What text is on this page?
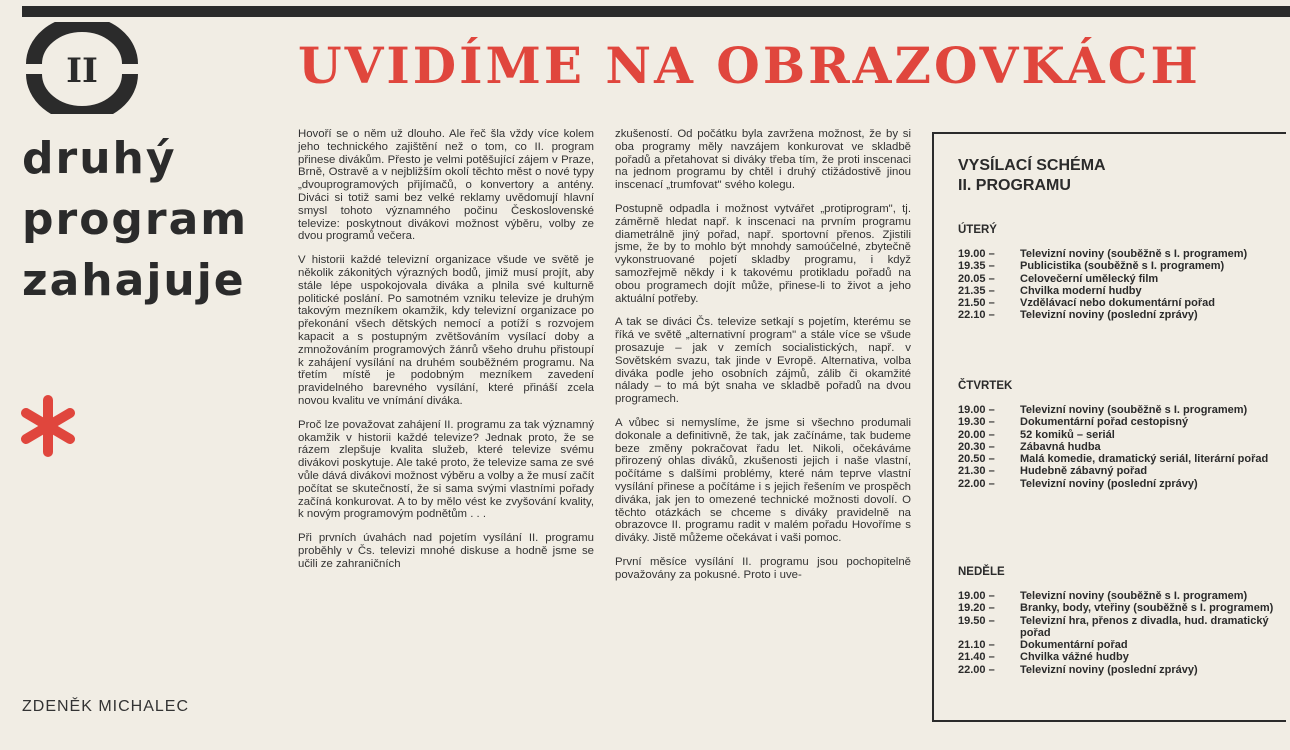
II	UVIDÍME NA OBRAZOVKÁCH
druhý
program
zahajuje
ZDENĚK MICHALEC

Hovoří se o něm už dlouho. Ale řeč šla vždy více kolem jeho technického zajištění než o tom, co II. program přinese divákům. Přesto je velmi potěšující zájem v Praze, Brně, Ostravě a v nejbližším okolí těchto měst o nové typy „dvouprogramových přijímačů, o konvertory a antény. Diváci si totiž sami bez velké reklamy uvědomují hlavní smysl tohoto významného počinu Československé televize: poskytnout divákovi možnost výběru, volby ze dvou programů večera.

V historii každé televizní organizace všude ve světě je několik zákonitých výrazných bodů, jimiž musí projít, aby stále lépe uspokojovala diváka a plnila své kulturně politické poslání. Po samotném vzniku televize je druhým takovým mezníkem okamžik, kdy televizní organizace po překonání všech dětských nemocí a potíží s rozvojem kapacit a s postupným zvětšováním vysílací doby a zmnožováním programových žánrů všeho druhu přistoupí k zahájení vysílání na druhém souběžném programu. Na třetím místě je podobným mezníkem zavedení pravidelného barevného vysílání, které přináší zcela novou kvalitu ve vnímání diváka.

Proč lze považovat zahájení II. programu za tak významný okamžik v historii každé televize? Jednak proto, že se rázem zlepšuje kvalita služeb, které televize svému divákovi poskytuje. Ale také proto, že televize sama ze své vůle dává divákovi možnost výběru a volby a že musí začít počítat se skutečností, že si sama svými vlastními pořady začíná konkurovat. A to by mělo vést ke zvyšování kvality, k novým programovým podnětům . . .

Při prvních úvahách nad pojetím vysílání II. programu proběhly v Čs. televizi mnohé diskuse a hodně jsme se učili ze zahraničních

zkušeností. Od počátku byla zavržena možnost, že by si oba programy měly navzájem konkurovat ve skladbě pořadů a přetahovat si diváky třeba tím, že proti inscenaci na jednom programu by chtěl i druhý ctižádostivě jinou inscenací „trumfovat" svého kolegu.

Postupně odpadla i možnost vytvářet „protiprogram", tj. záměrně hledat např. k inscenaci na prvním programu diametrálně jiný pořad, např. sportovní přenos. Zjistili jsme, že by to mohlo být mnohdy samoúčelné, zbytečně vykonstruované pojetí skladby programu, i když samozřejmě někdy i k takovému protikladu pořadů na obou programech dojít může, přinese-li to život a jeho aktuální potřeby.

A tak se diváci Čs. televize setkají s pojetím, kterému se říká ve světě „alternativní program" a stále více se všude prosazuje – jak v zemích socialistických, např. v Sovětském svazu, tak jinde v Evropě. Alternativa, volba diváka podle jeho osobních zájmů, zálib či okamžité nálady – to má být snaha ve skladbě pořadů na dvou programech.

A vůbec si nemyslíme, že jsme si všechno produmali dokonale a definitivně, že tak, jak začínáme, tak budeme beze změny pokračovat řadu let. Nikoli, očekáváme přirozený ohlas diváků, zkušenosti jejich i naše vlastní, počítáme s dalšími problémy, které nám teprve vlastní vysílání přinese a počítáme i s jejich řešením ve prospěch diváka, jak jen to omezené technické možnosti dovolí. O těchto otázkách se chceme s diváky pravidelně na obrazovce II. programu radit v malém pořadu Hovoříme s diváky. Jistě můžeme očekávat i vaši pomoc.

První měsíce vysílání II. programu jsou pochopitelně považovány za pokusné. Proto i uve-

VYSÍLACÍ SCHÉMA
II. PROGRAMU
ÚTERÝ
19.00 –	Televizní noviny (souběžně s I. programem)
19.35 –	Publicistika (souběžně s I. programem)
20.05 –	Celovečerní umělecký film
21.35 –	Chvilka moderní hudby
21.50 –	Vzdělávací nebo dokumentární pořad
22.10 –	Televizní noviny (poslední zprávy)
ČTVRTEK
19.00 –	Televizní noviny (souběžně s I. programem)
19.30 –	Dokumentární pořad cestopisný
20.00 –	52 komiků – seriál
20.30 –	Zábavná hudba
20.50 –	Malá komedie, dramatický seriál, literární pořad
21.30 –	Hudebně zábavný pořad
22.00 –	Televizní noviny (poslední zprávy)
NEDĚLE
19.00 –	Televizní noviny (souběžně s I. programem)
19.20 –	Branky, body, vteřiny (souběžně s I. programem)
19.50 –	Televizní hra, přenos z divadla, hud. dramatický pořad
21.10 –	Dokumentární pořad
21.40 –	Chvilka vážné hudby
22.00 –	Televizní noviny (poslední zprávy)
